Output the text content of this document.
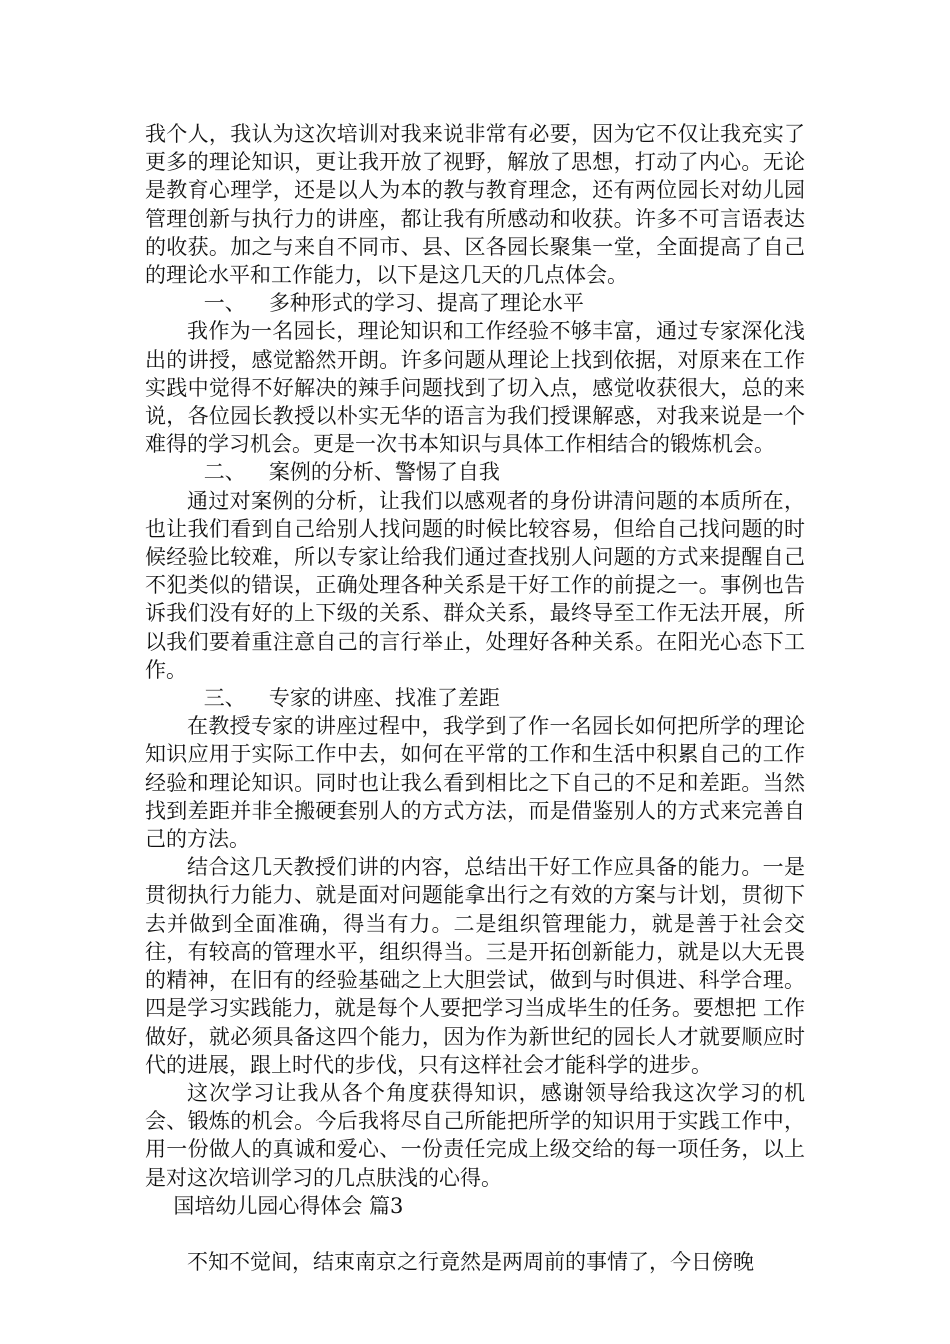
我个人，我认为这次培训对我来说非常有必要，因为它不仅让我充实了更多的理论知识，更让我开放了视野，解放了思想，打动了内心。无论是教育心理学，还是以人为本的教与教育理念，还有两位园长对幼儿园管理创新与执行力的讲座，都让我有所感动和收获。许多不可言语表达的收获。加之与来自不同市、县、区各园长聚集一堂，全面提高了自己的理论水平和工作能力，以下是这几天的几点体会。

一、 多种形式的学习、提高了理论水平

我作为一名园长，理论知识和工作经验不够丰富，通过专家深化浅出的讲授，感觉豁然开朗。许多问题从理论上找到依据，对原来在工作实践中觉得不好解决的辣手问题找到了切入点，感觉收获很大，总的来说，各位园长教授以朴实无华的语言为我们授课解惑，对我来说是一个难得的学习机会。更是一次书本知识与具体工作相结合的锻炼机会。

二、 案例的分析、警惕了自我

通过对案例的分析，让我们以感观者的身份讲清问题的本质所在，也让我们看到自己给别人找问题的时候比较容易，但给自己找问题的时候经验比较难，所以专家让给我们通过查找别人问题的方式来提醒自己不犯类似的错误，正确处理各种关系是干好工作的前提之一。事例也告诉我们没有好的上下级的关系、群众关系，最终导至工作无法开展，所以我们要着重注意自己的言行举止，处理好各种关系。在阳光心态下工作。

三、 专家的讲座、找准了差距

在教授专家的讲座过程中，我学到了作一名园长如何把所学的理论知识应用于实际工作中去，如何在平常的工作和生活中积累自己的工作经验和理论知识。同时也让我么看到相比之下自己的不足和差距。当然找到差距并非全搬硬套别人的方式方法，而是借鉴别人的方式来完善自己的方法。

结合这几天教授们讲的内容，总结出干好工作应具备的能力。一是贯彻执行力能力、就是面对问题能拿出行之有效的方案与计划，贯彻下去并做到全面准确，得当有力。二是组织管理能力，就是善于社会交往，有较高的管理水平，组织得当。三是开拓创新能力，就是以大无畏的精神，在旧有的经验基础之上大胆尝试，做到与时俱进、科学合理。四是学习实践能力，就是每个人要把学习当成毕生的任务。要想把 工作做好，就必须具备这四个能力，因为作为新世纪的园长人才就要顺应时代的进展，跟上时代的步伐，只有这样社会才能科学的进步。

这次学习让我从各个角度获得知识，感谢领导给我这次学习的机会、锻炼的机会。今后我将尽自己所能把所学的知识用于实践工作中，用一份做人的真诚和爱心、一份责任完成上级交给的每一项任务，以上是对这次培训学习的几点肤浅的心得。

国培幼儿园心得体会 篇3

不知不觉间，结束南京之行竟然是两周前的事情了，今日傍晚
